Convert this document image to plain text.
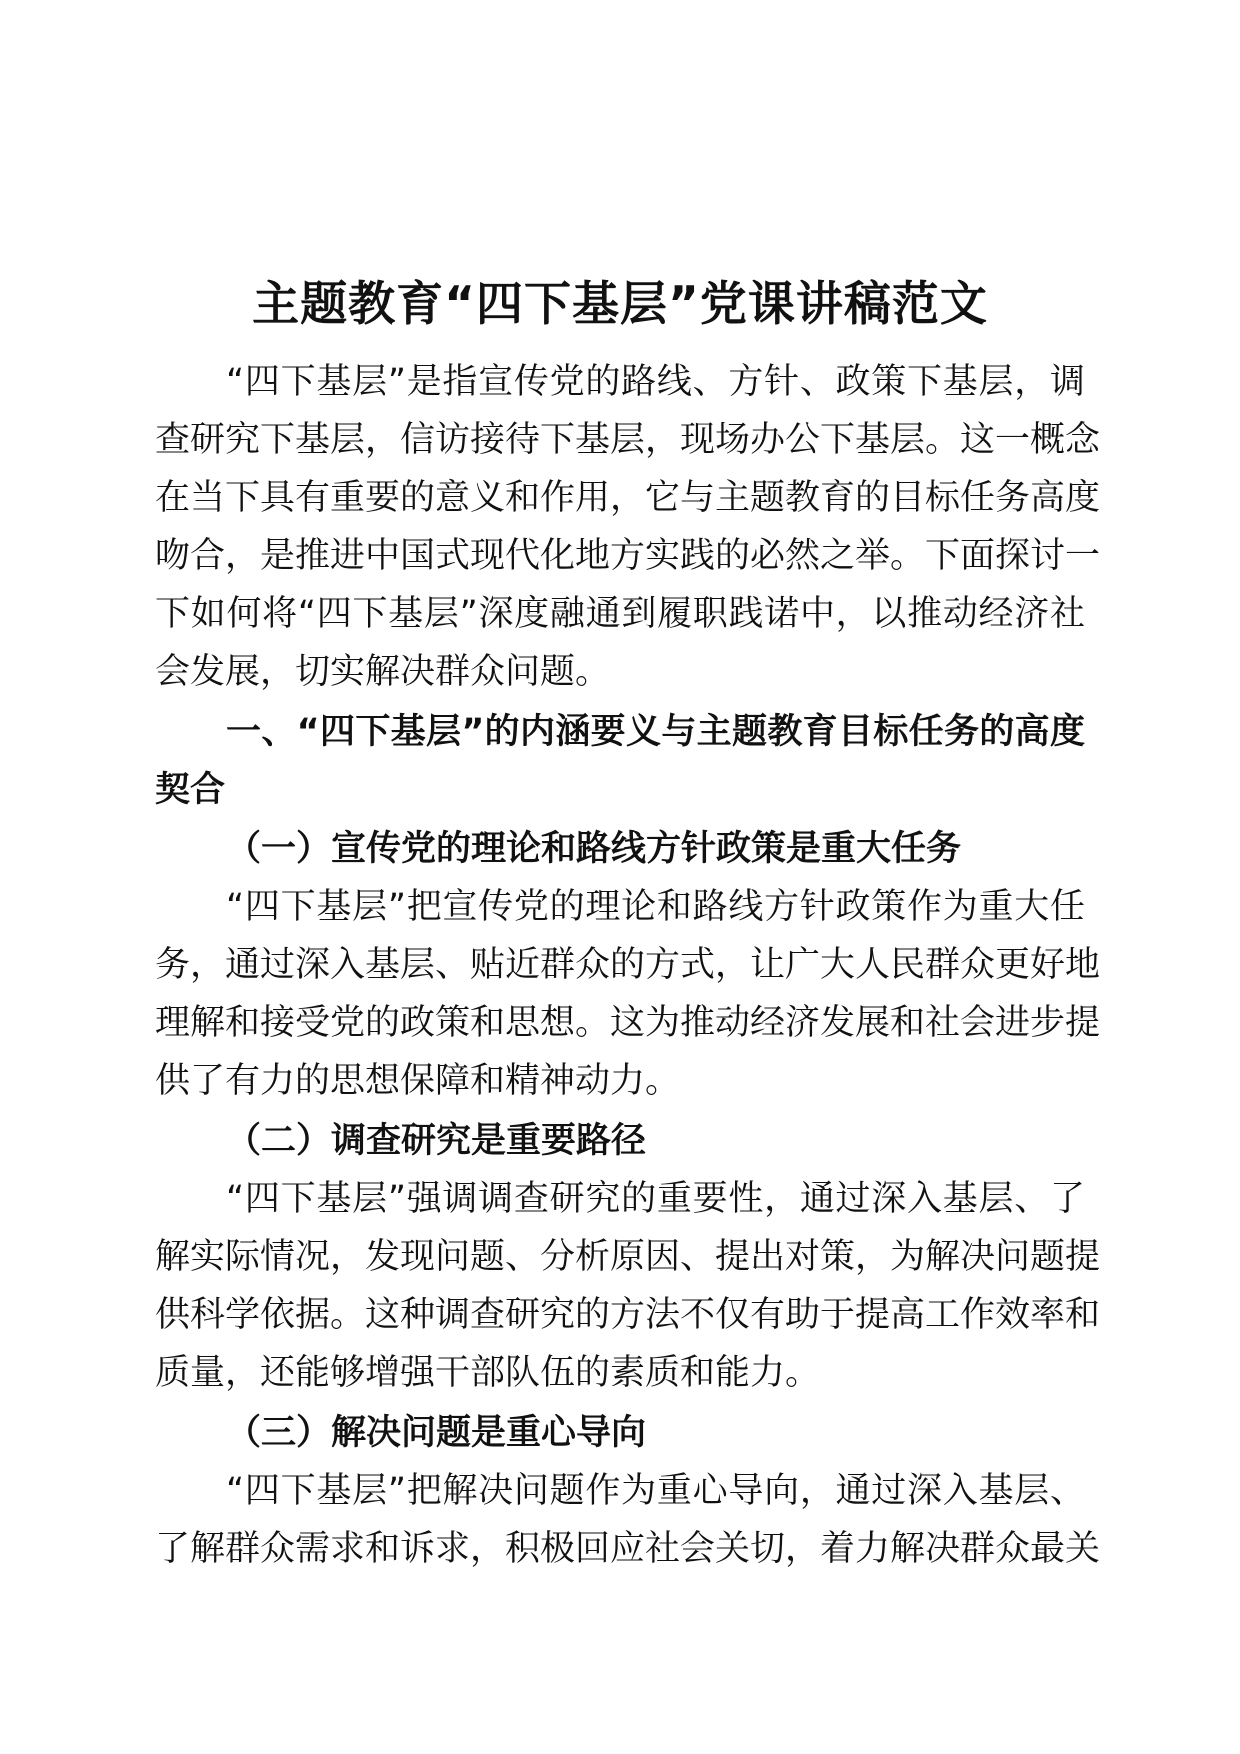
主题教育“四下基层”党课讲稿范文
“四下基层”是指宣传党的路线、方针、政策下基层，调
查研究下基层，信访接待下基层，现场办公下基层。这一概念
在当下具有重要的意义和作用，它与主题教育的目标任务高度
吻合，是推进中国式现代化地方实践的必然之举。下面探讨一
下如何将“四下基层”深度融通到履职践诺中，以推动经济社
会发展，切实解决群众问题。
一、“四下基层”的内涵要义与主题教育目标任务的高度
契合
（一）宣传党的理论和路线方针政策是重大任务
“四下基层”把宣传党的理论和路线方针政策作为重大任
务，通过深入基层、贴近群众的方式，让广大人民群众更好地
理解和接受党的政策和思想。这为推动经济发展和社会进步提
供了有力的思想保障和精神动力。
（二）调查研究是重要路径
“四下基层”强调调查研究的重要性，通过深入基层、了
解实际情况，发现问题、分析原因、提出对策，为解决问题提
供科学依据。这种调查研究的方法不仅有助于提高工作效率和
质量，还能够增强干部队伍的素质和能力。
（三）解决问题是重心导向
“四下基层”把解决问题作为重心导向，通过深入基层、
了解群众需求和诉求，积极回应社会关切，着力解决群众最关
